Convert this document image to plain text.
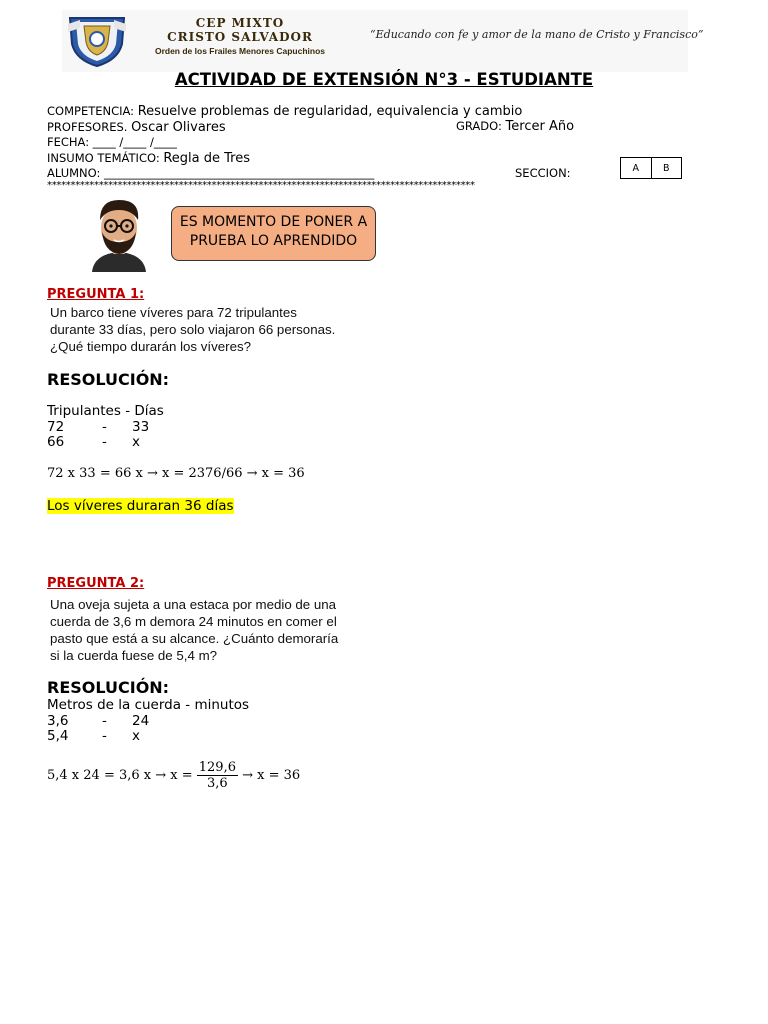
CEP MIXTO
CRISTO SALVADOR
Orden de los Frailes Menores Capuchinos
“Educando con fe y amor de la mano de Cristo y Francisco”
ACTIVIDAD DE EXTENSIÓN N°3 - ESTUDIANTE
COMPETENCIA: Resuelve problemas de regularidad, equivalencia y cambio
PROFESORES. Oscar Olivares
FECHA: ____ /____ /____
INSUMO TEMÁTICO: Regla de Tres
ALUMNO: _______________________________________________
GRADO: Tercer Año
SECCION:	A	B
*******************************************************************************************
ES MOMENTO DE PONER A PRUEBA LO APRENDIDO
PREGUNTA 1:
Un barco tiene víveres para 72 tripulantes durante 33 días, pero solo viajaron 66 personas. ¿Qué tiempo durarán los víveres?
RESOLUCIÓN:
Tripulantes - Días
72	-	33
66	-	x
72 x 33 = 66 x → x = 2376/66 → x = 36
Los víveres duraran 36 días
PREGUNTA 2:
Una oveja sujeta a una estaca por medio de una cuerda de 3,6 m demora 24 minutos en comer el pasto que está a su alcance. ¿Cuánto demoraría si la cuerda fuese de 5,4 m?
RESOLUCIÓN:
Metros de la cuerda - minutos
3,6	-	24
5,4	-	x
5,4 x 24 = 3,6 $x \to x = \frac{129,6}{3,6} \to x = 36$
